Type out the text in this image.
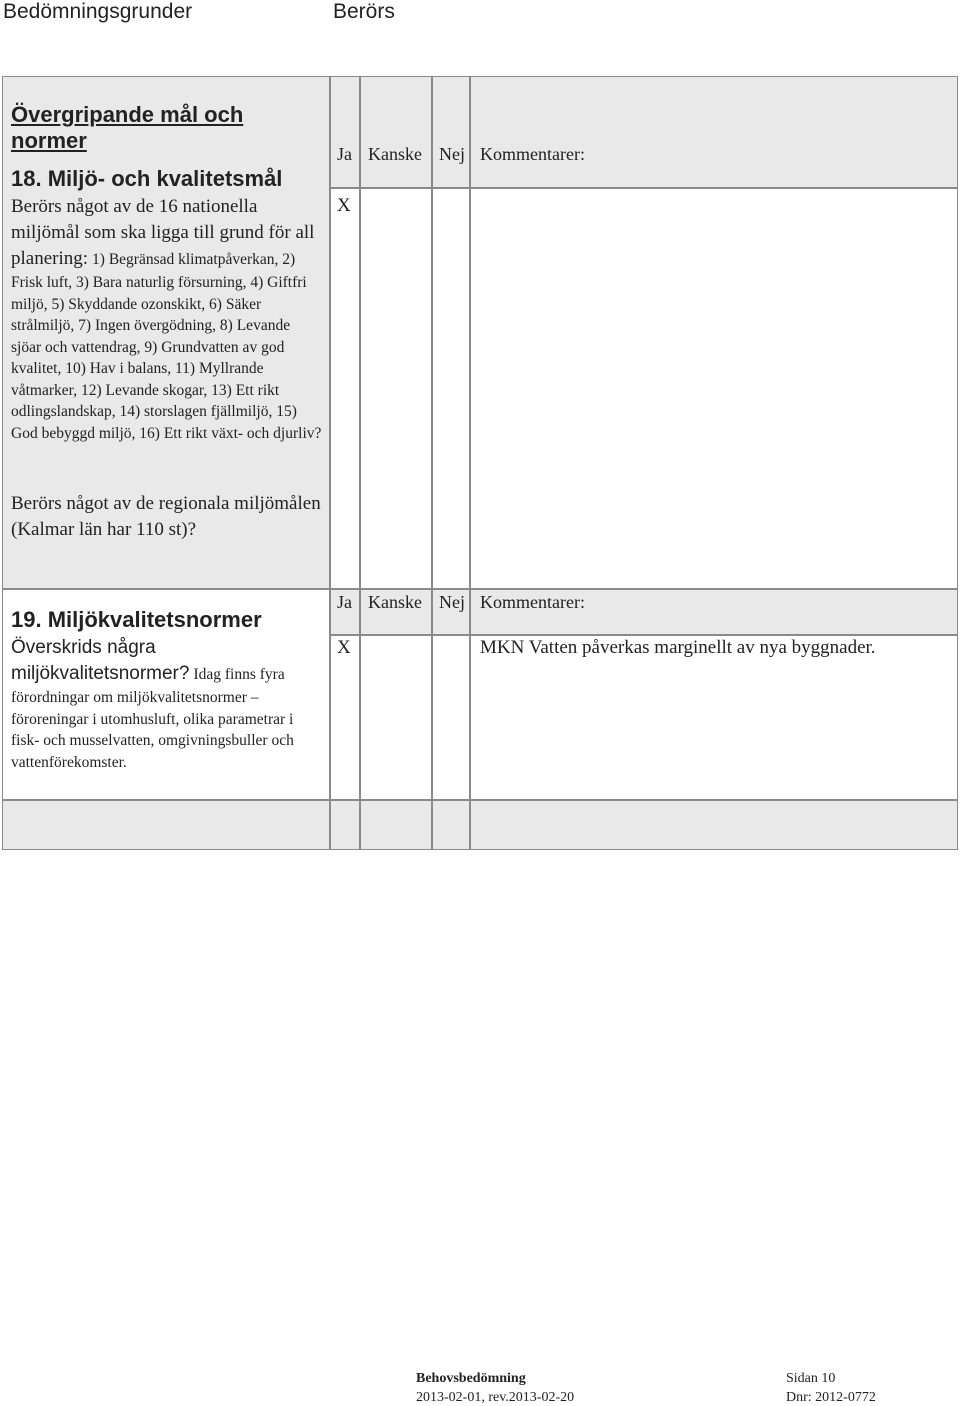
Bedömningsgrunder	Berörs
Övergripande mål och normer
18. Miljö- och kvalitetsmål
Berörs något av de 16 nationella miljömål som ska ligga till grund för all planering: 1) Begränsad klimatpåverkan, 2) Frisk luft, 3) Bara naturlig försurning, 4) Giftfri miljö, 5) Skyddande ozonskikt, 6) Säker strålmiljö, 7) Ingen övergödning, 8) Levande sjöar och vattendrag, 9) Grundvatten av god kvalitet, 10) Hav i balans, 11) Myllrande våtmarker, 12) Levande skogar, 13) Ett rikt odlingslandskap, 14) storslagen fjällmiljö, 15) God bebyggd miljö, 16) Ett rikt växt- och djurliv?
Berörs något av de regionala miljömålen (Kalmar län har 110 st)?
Ja Kanske Nej Kommentarer:
X
19. Miljökvalitetsnormer
Överskrids några miljökvalitetsnormer? Idag finns fyra förordningar om miljökvalitetsnormer – föroreningar i utomhusluft, olika parametrar i fisk- och musselvatten, omgivningsbuller och vattenförekomster.
Ja Kanske Nej Kommentarer:
X	MKN Vatten påverkas marginellt av nya byggnader.
Behovsbedömning
2013-02-01, rev.2013-02-20
Sidan 10
Dnr: 2012-0772
